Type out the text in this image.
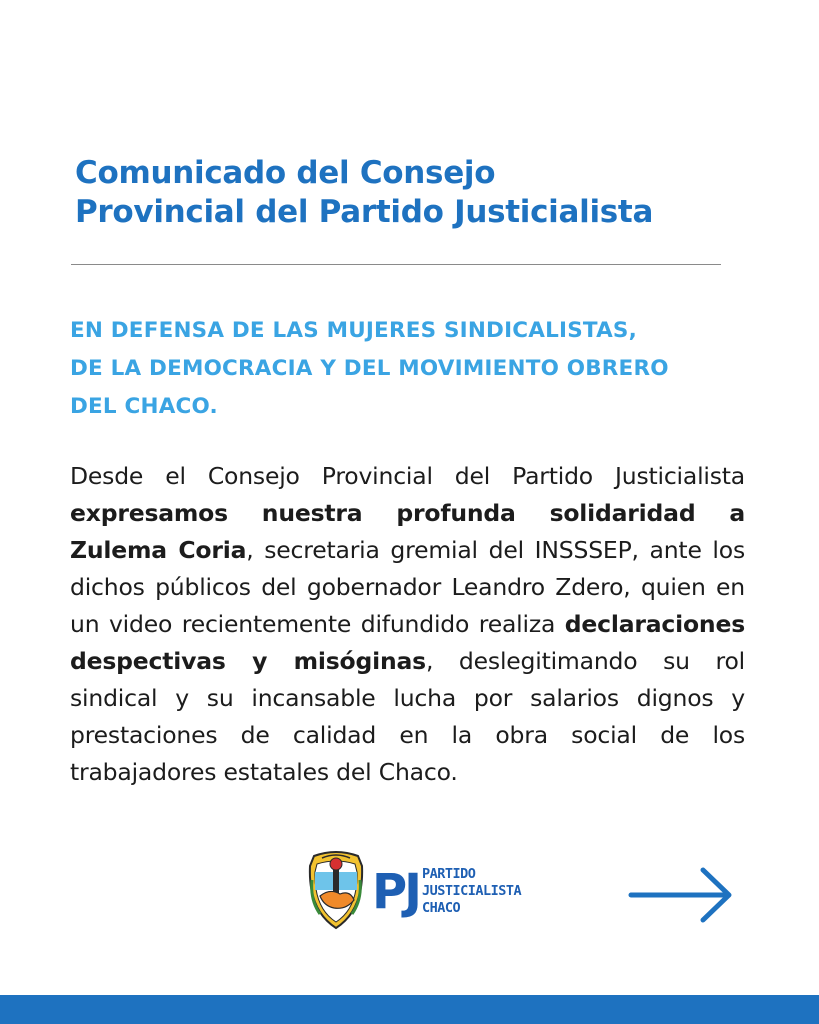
Comunicado del Consejo
Provincial del Partido Justicialista
EN DEFENSA DE LAS MUJERES SINDICALISTAS,
DE LA DEMOCRACIA Y DEL MOVIMIENTO OBRERO
DEL CHACO.

Desde el Consejo Provincial del Partido Justicialista expresamos nuestra profunda solidaridad a Zulema Coria, secretaria gremial del INSSSEP, ante los dichos públicos del gobernador Leandro Zdero, quien en un video recientemente difundido realiza declaraciones despectivas y misóginas, deslegitimando su rol sindical y su incansable lucha por salarios dignos y prestaciones de calidad en la obra social de los trabajadores estatales del Chaco.

PJ PARTIDO
JUSTICIALISTA
CHACO
